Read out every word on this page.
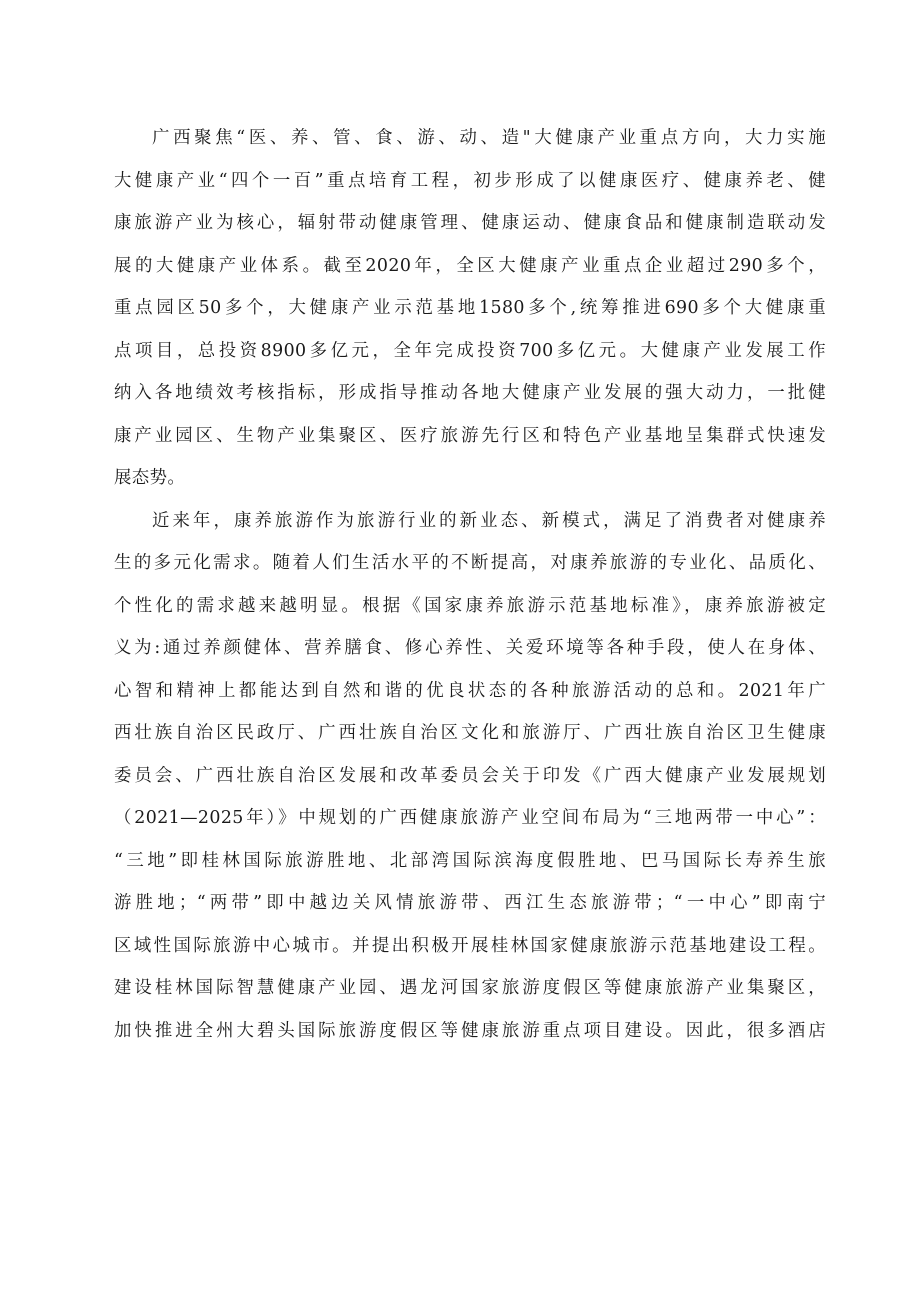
广西聚焦“医、养、管、食、游、动、造"大健康产业重点方向，大力实施
大健康产业“四个一百”重点培育工程，初步形成了以健康医疗、健康养老、健
康旅游产业为核心，辐射带动健康管理、健康运动、健康食品和健康制造联动发
展的大健康产业体系。截至2020年，全区大健康产业重点企业超过290多个，
重点园区50多个，大健康产业示范基地1580多个,统筹推进690多个大健康重
点项目，总投资8900多亿元，全年完成投资700多亿元。大健康产业发展工作
纳入各地绩效考核指标，形成指导推动各地大健康产业发展的强大动力，一批健
康产业园区、生物产业集聚区、医疗旅游先行区和特色产业基地呈集群式快速发
展态势。
近来年，康养旅游作为旅游行业的新业态、新模式，满足了消费者对健康养
生的多元化需求。随着人们生活水平的不断提高，对康养旅游的专业化、品质化、
个性化的需求越来越明显。根据《国家康养旅游示范基地标准》，康养旅游被定
义为:通过养颜健体、营养膳食、修心养性、关爱环境等各种手段，使人在身体、
心智和精神上都能达到自然和谐的优良状态的各种旅游活动的总和。2021年广
西壮族自治区民政厅、广西壮族自治区文化和旅游厅、广西壮族自治区卫生健康
委员会、广西壮族自治区发展和改革委员会关于印发《广西大健康产业发展规划
（2021—2025年）》中规划的广西健康旅游产业空间布局为“三地两带一中心”：
“三地”即桂林国际旅游胜地、北部湾国际滨海度假胜地、巴马国际长寿养生旅
游胜地；“两带”即中越边关风情旅游带、西江生态旅游带；“一中心”即南宁
区域性国际旅游中心城市。并提出积极开展桂林国家健康旅游示范基地建设工程。
建设桂林国际智慧健康产业园、遇龙河国家旅游度假区等健康旅游产业集聚区，
加快推进全州大碧头国际旅游度假区等健康旅游重点项目建设。因此，很多酒店
